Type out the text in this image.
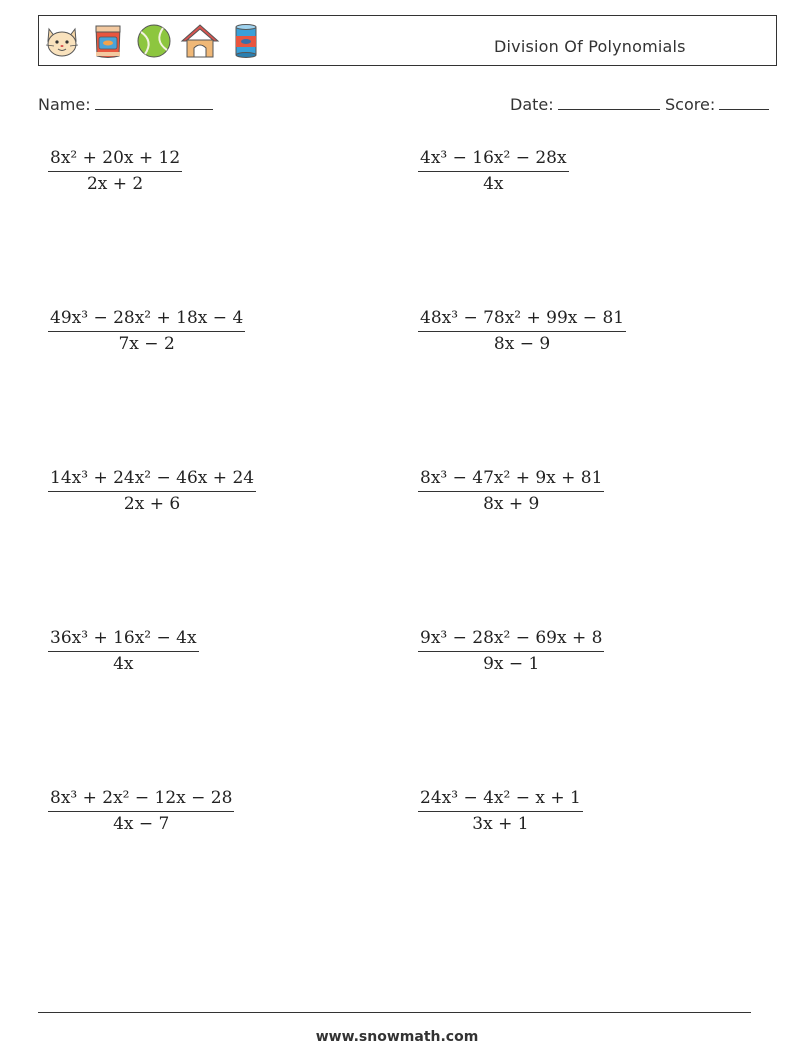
Division Of Polynomials
Name:	Date:	Score:
$\frac{\text{8x² + 20x + 12}}{2x + 2}$	$\frac{\text{4x³ − 16x² − 28x}}{4x}$
$\frac{\text{49x³ − 28x² + 18x − 4}}{7x - 2}$	$\frac{\text{48x³ − 78x² + 99x − 81}}{8x - 9}$
$\frac{\text{14x³ + 24x² − 46x + 24}}{2x + 6}$	$\frac{\text{8x³ − 47x² + 9x + 81}}{8x + 9}$
$\frac{\text{36x³ + 16x² − 4x}}{4x}$	$\frac{\text{9x³ − 28x² − 69x + 8}}{9x - 1}$
$\frac{\text{8x³ + 2x² − 12x − 28}}{4x - 7}$	$\frac{\text{24x³ − 4x² − x + 1}}{3x + 1}$
www.snowmath.com
